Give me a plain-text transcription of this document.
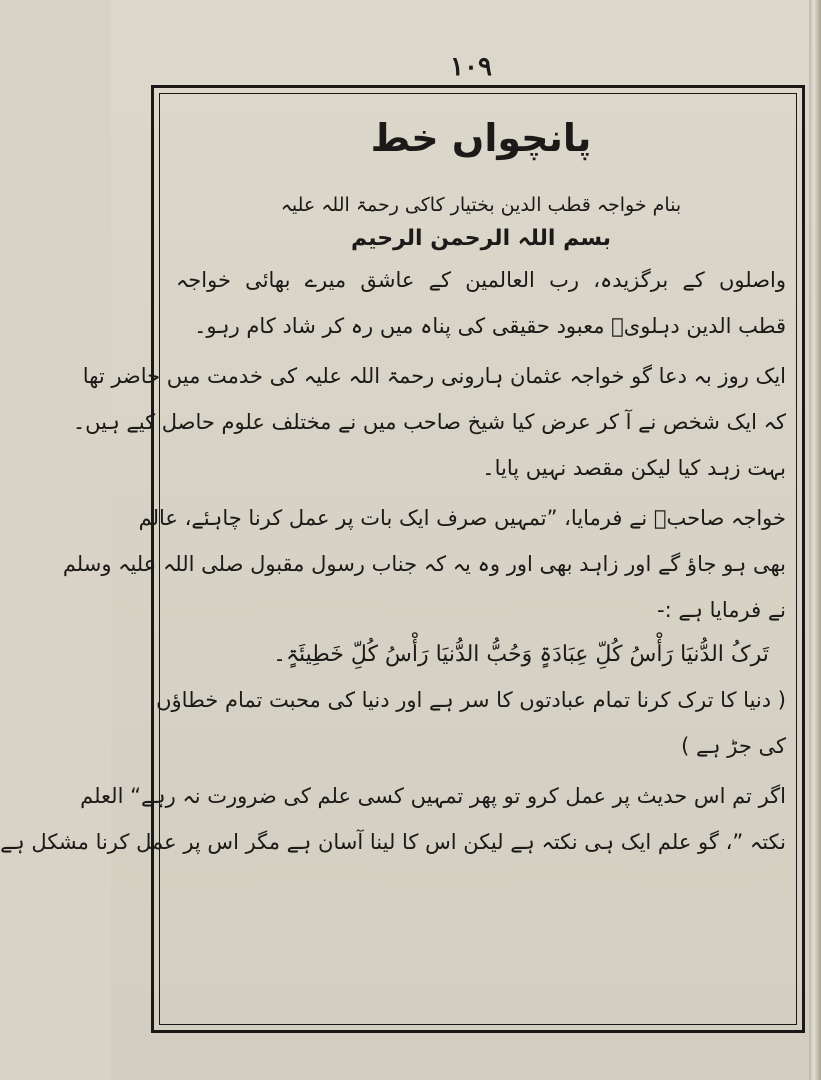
۱۰۹
پانچواں خط
بنام خواجہ قطب الدین بختیار کاکی رحمۃ اللہ علیہ
بسم اللہ الرحمن الرحیم
واصلوں کے برگزیدہ، رب العالمین کے عاشق میرے بھائی خواجہ
قطب الدین دہلویؒ معبود حقیقی کی پناہ میں رہ کر شاد کام رہو۔
ایک روز بہ دعا گو خواجہ عثمان ہارونی رحمۃ اللہ علیہ کی خدمت میں حاضر تھا
کہ ایک شخص نے آ کر عرض کیا شیخ صاحب میں نے مختلف علوم حاصل کیے ہیں۔
بہت زہد کیا لیکن مقصد نہیں پایا۔
خواجہ صاحبؒ نے فرمایا، ”تمہیں صرف ایک بات پر عمل کرنا چاہئے، عالم
بھی ہو جاؤ گے اور زاہد بھی اور وہ یہ کہ جناب رسول مقبول صلی اللہ علیہ وسلم
نے فرمایا ہے :-
تَرکُ الدُّنیَا رَأْسُ کُلِّ عِبَادَۃٍ وَحُبُّ الدُّنیَا رَأْسُ کُلِّ خَطِیئَۃٍ۔
( دنیا کا ترک کرنا تمام عبادتوں کا سر ہے اور دنیا کی محبت تمام خطاؤں
کی جڑ ہے )
اگر تم اس حدیث پر عمل کرو تو پھر تمہیں کسی علم کی ضرورت نہ رہے“ العلم
نکتہ ”، گو علم ایک ہی نکتہ ہے لیکن اس کا لینا آسان ہے مگر اس پر عمل کرنا مشکل ہے
